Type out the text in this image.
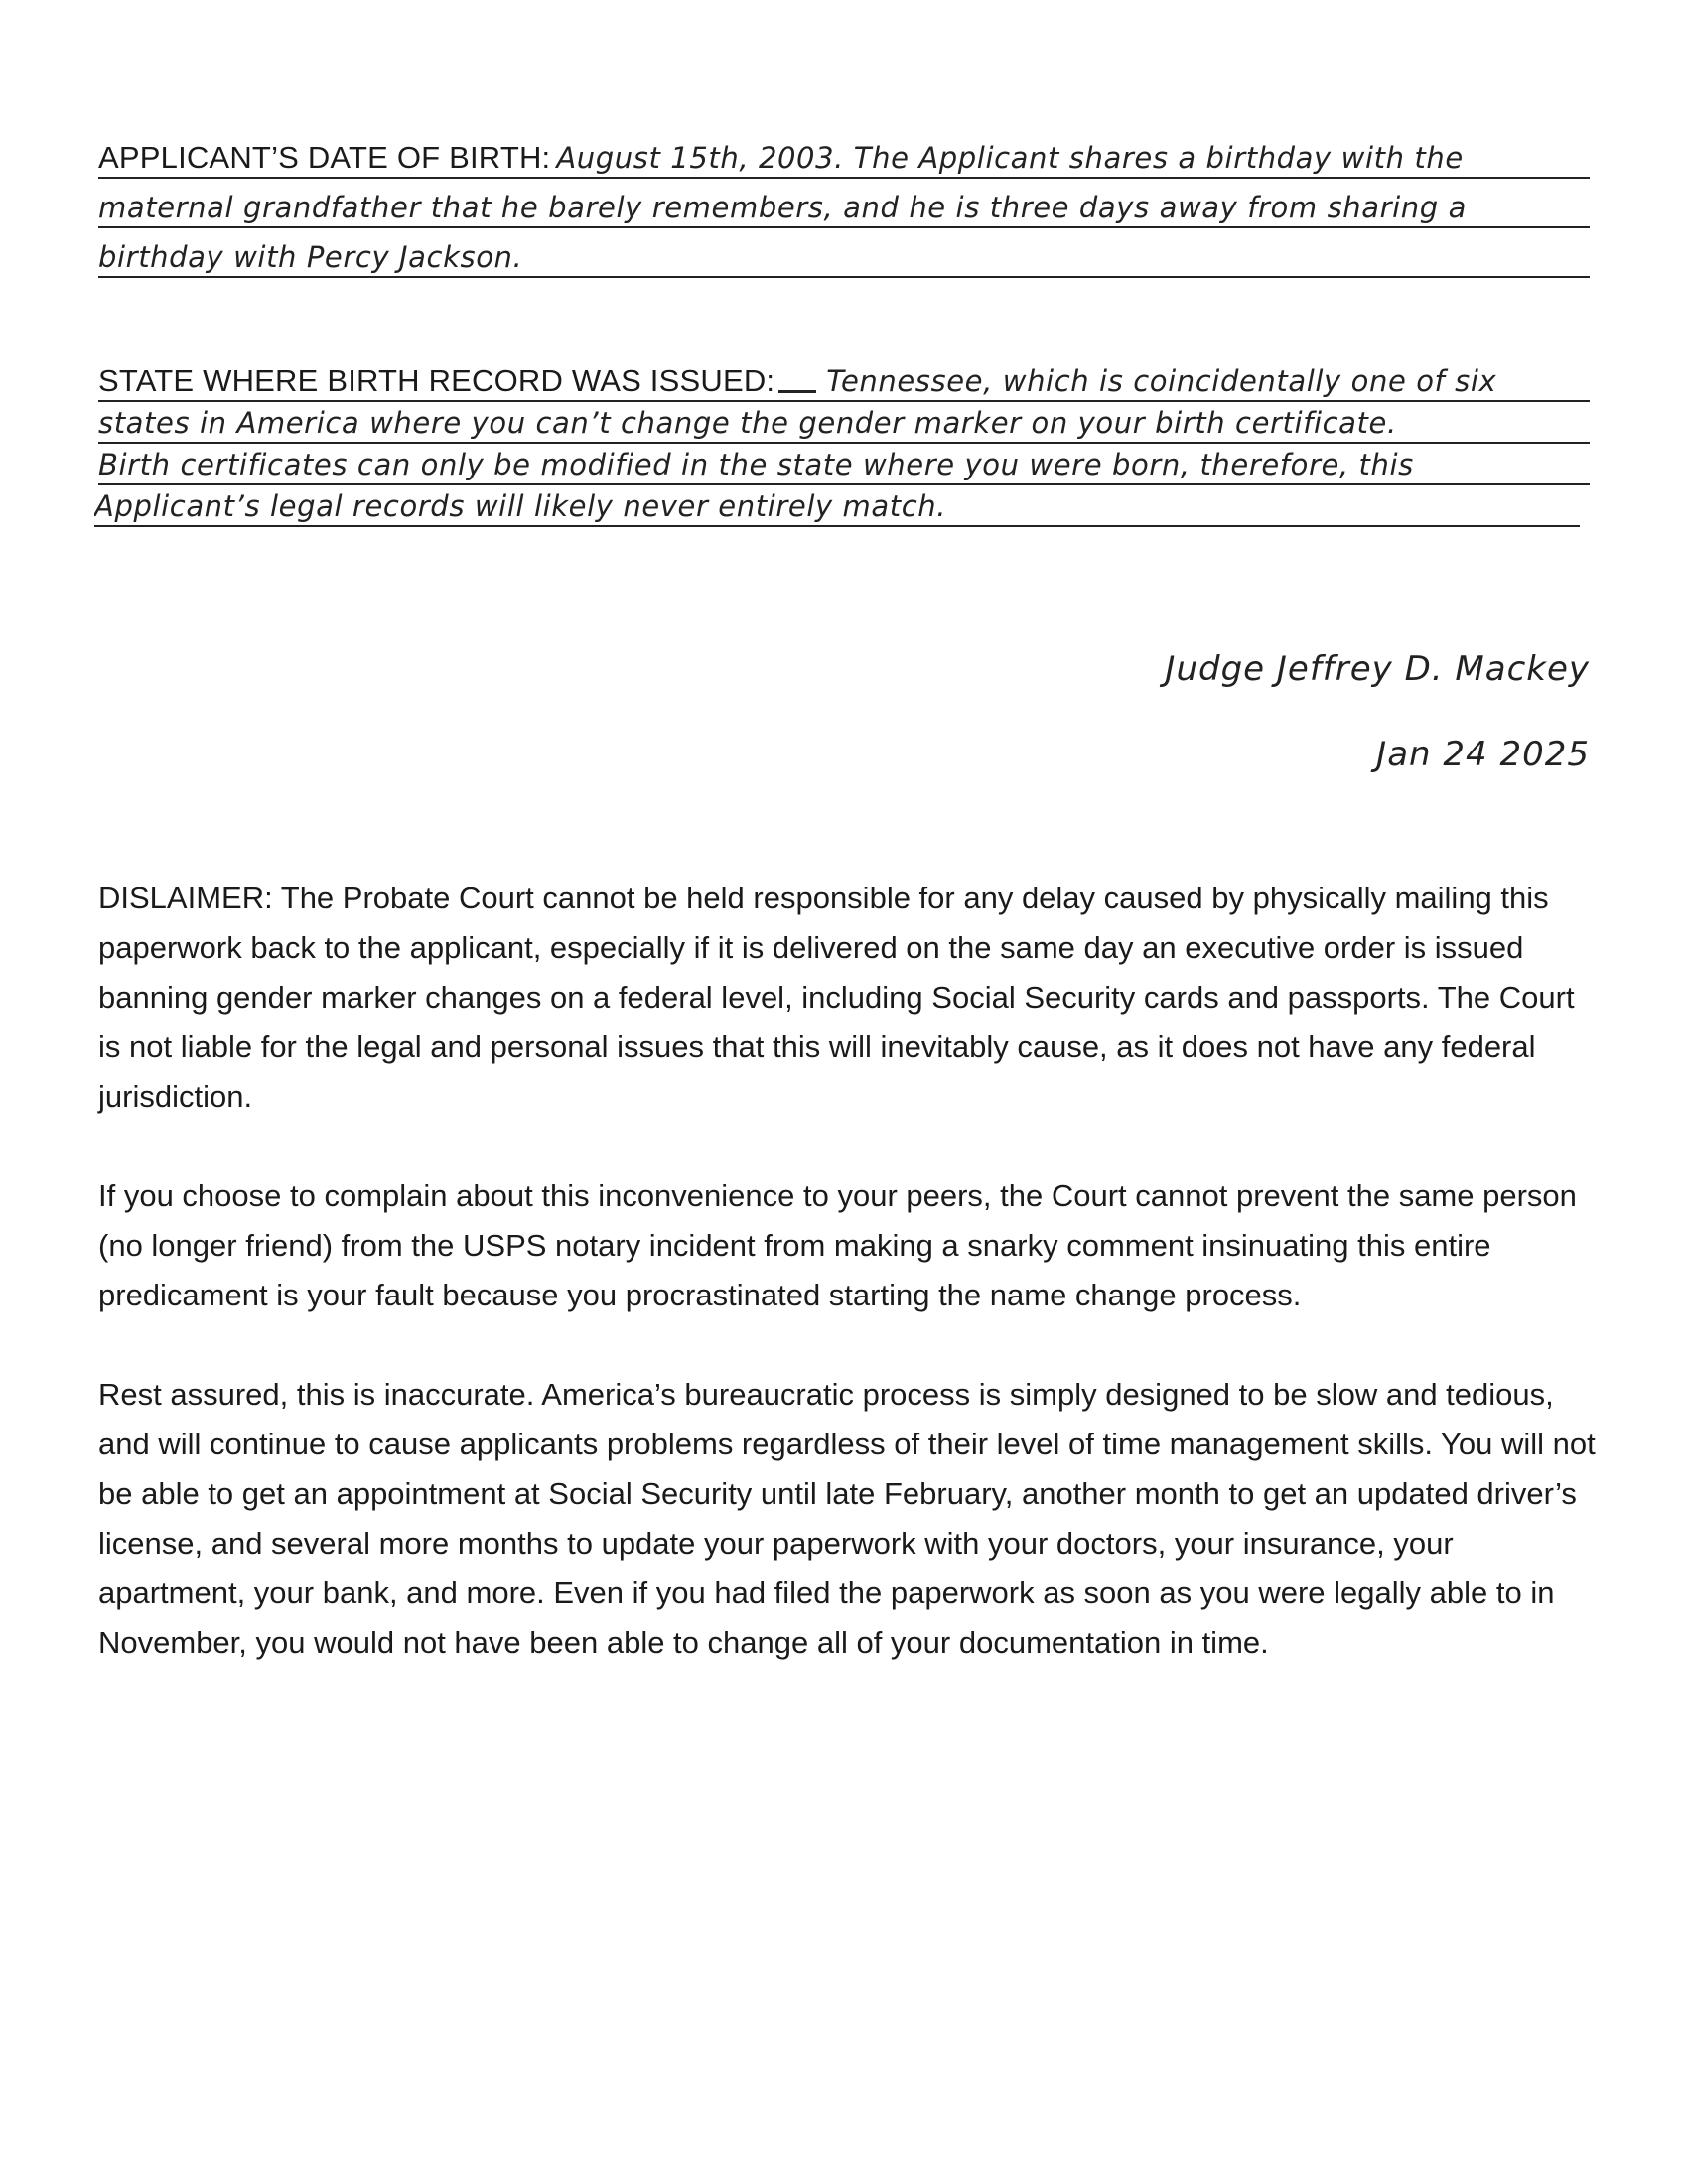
APPLICANT’S DATE OF BIRTH: August 15th, 2003. The Applicant shares a birthday with the
maternal grandfather that he barely remembers, and he is three days away from sharing a
birthday with Percy Jackson.
STATE WHERE BIRTH RECORD WAS ISSUED: Tennessee, which is coincidentally one of six
states in America where you can’t change the gender marker on your birth certificate.
Birth certificates can only be modified in the state where you were born, therefore, this
Applicant’s legal records will likely never entirely match.
Judge Jeffrey D. Mackey
Jan 24 2025
DISLAIMER: The Probate Court cannot be held responsible for any delay caused by physically mailing this paperwork back to the applicant, especially if it is delivered on the same day an executive order is issued banning gender marker changes on a federal level, including Social Security cards and passports. The Court is not liable for the legal and personal issues that this will inevitably cause, as it does not have any federal jurisdiction.
If you choose to complain about this inconvenience to your peers, the Court cannot prevent the same person (no longer friend) from the USPS notary incident from making a snarky comment insinuating this entire predicament is your fault because you procrastinated starting the name change process.
Rest assured, this is inaccurate. America’s bureaucratic process is simply designed to be slow and tedious, and will continue to cause applicants problems regardless of their level of time management skills. You will not be able to get an appointment at Social Security until late February, another month to get an updated driver’s license, and several more months to update your paperwork with your doctors, your insurance, your apartment, your bank, and more. Even if you had filed the paperwork as soon as you were legally able to in November, you would not have been able to change all of your documentation in time.
